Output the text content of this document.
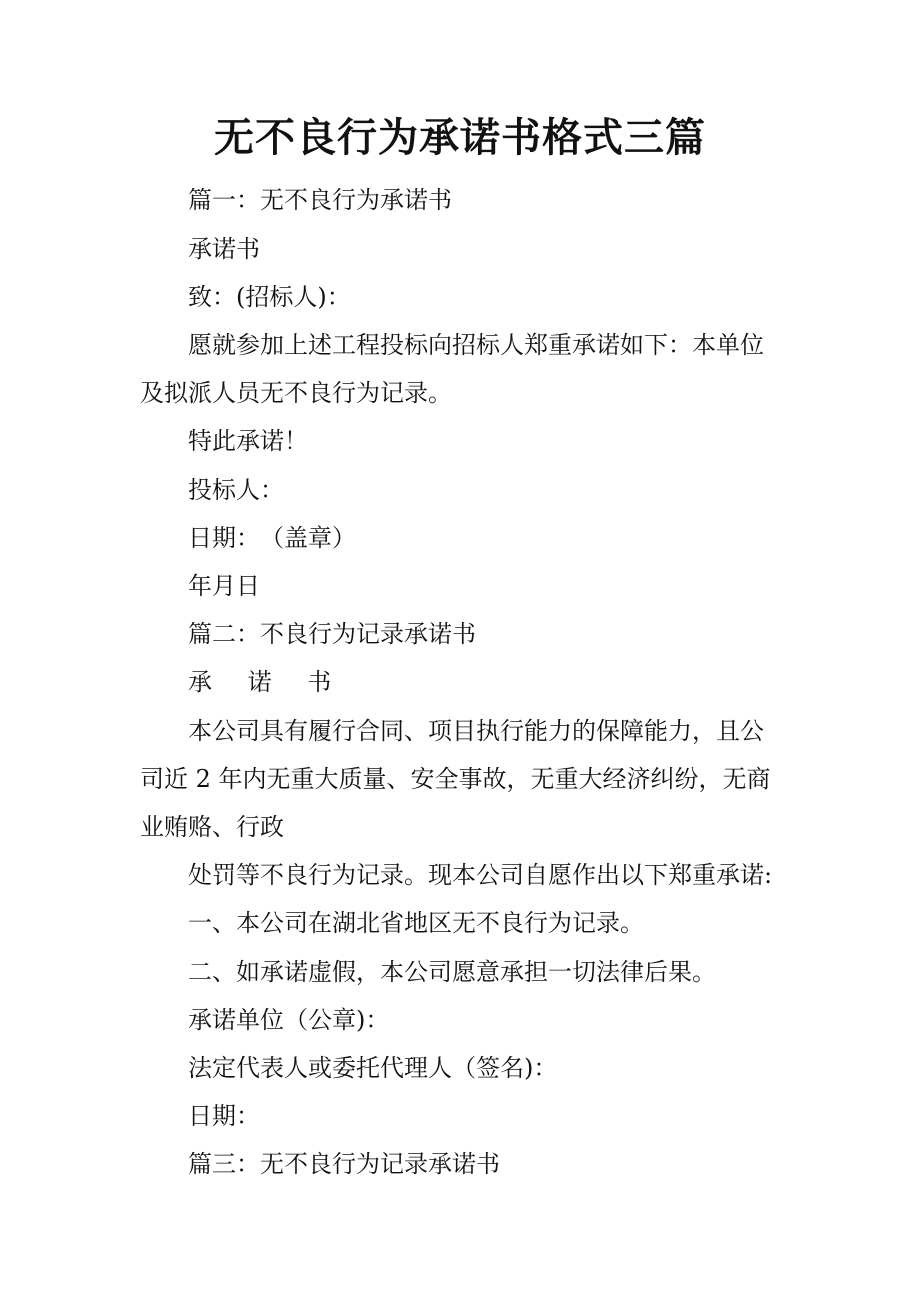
无不良行为承诺书格式三篇
篇一：无不良行为承诺书
承诺书
致：(招标人)：
愿就参加上述工程投标向招标人郑重承诺如下：本单位
及拟派人员无不良行为记录。
特此承诺！
投标人：
日期：　（盖章）
年月日
篇二：不良行为记录承诺书
承 诺 书
本公司具有履行合同、项目执行能力的保障能力，且公
司近 2 年内无重大质量、安全事故，无重大经济纠纷，无商
业贿赂、行政
处罚等不良行为记录。现本公司自愿作出以下郑重承诺:
一、本公司在湖北省地区无不良行为记录。
二、如承诺虚假，本公司愿意承担一切法律后果。
承诺单位（公章)：
法定代表人或委托代理人（签名)：
日期：
篇三：无不良行为记录承诺书
